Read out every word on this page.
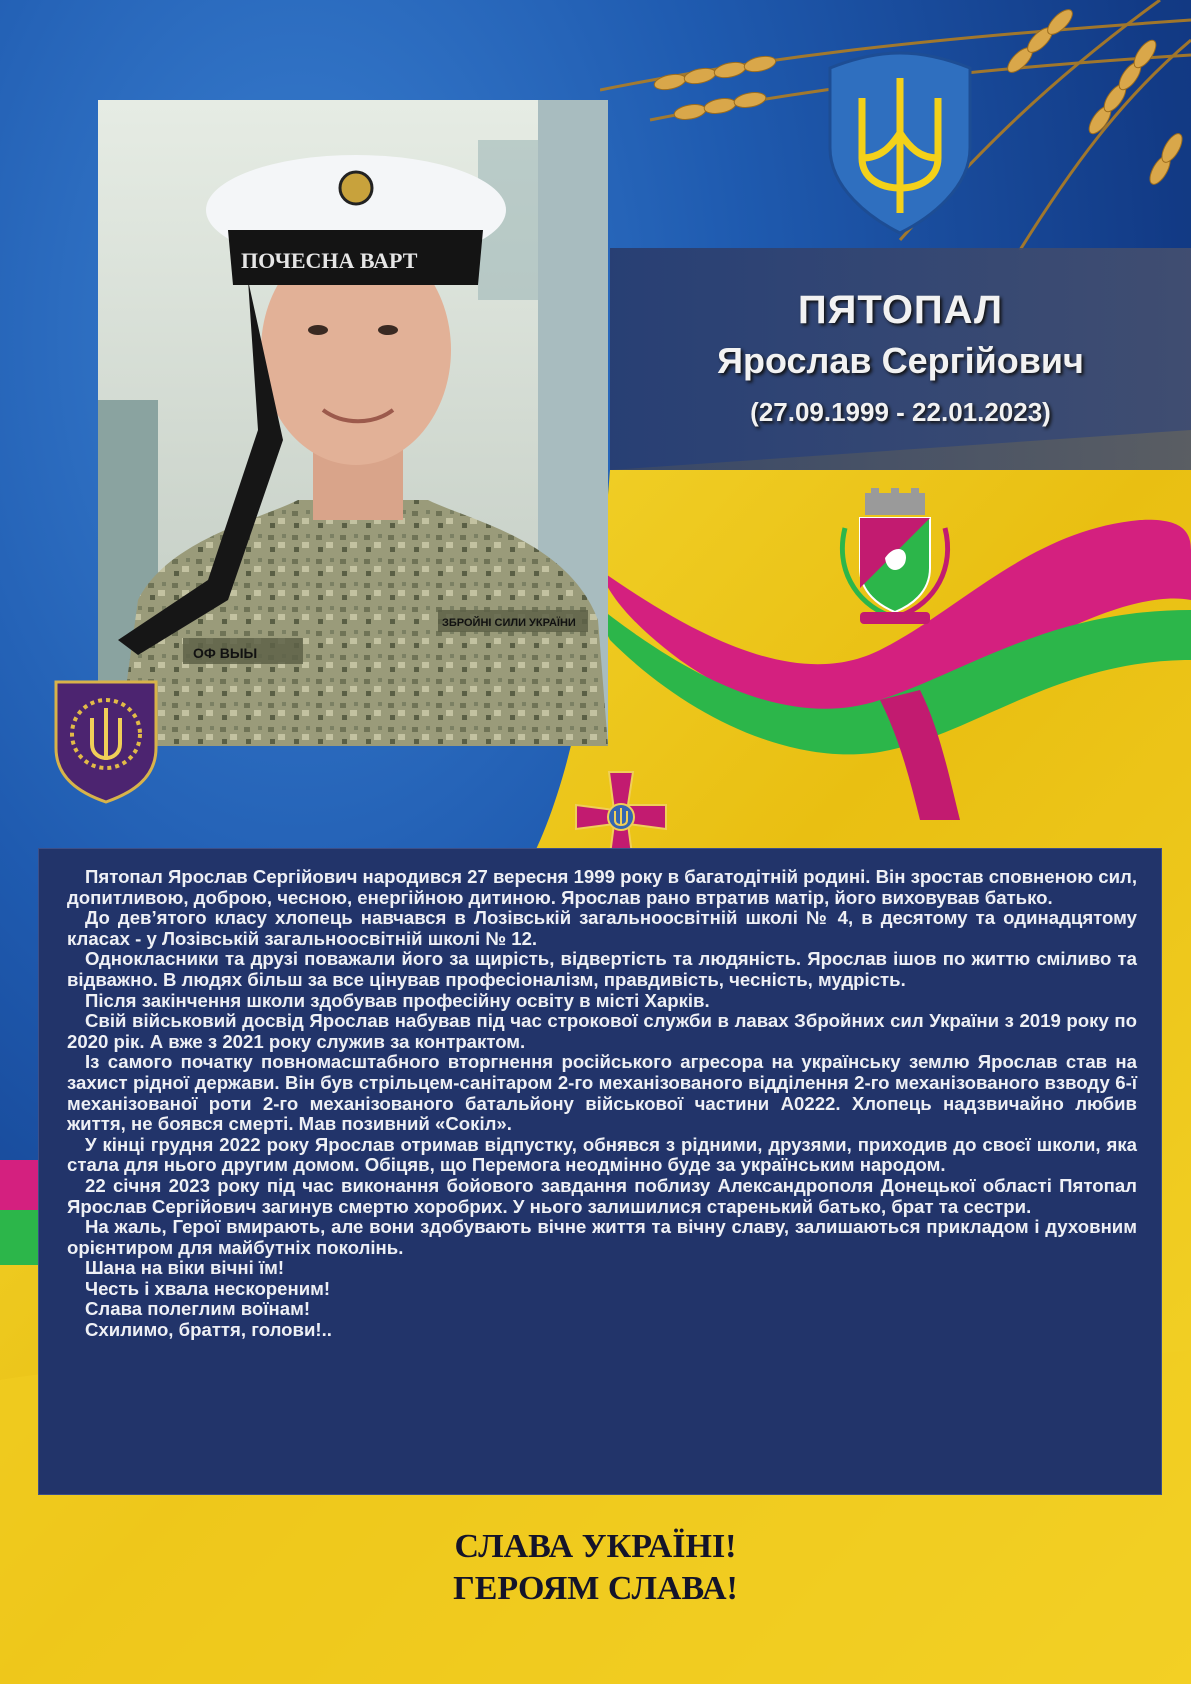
ПЯТОПАЛ
Ярослав Сергійович
(27.09.1999 - 22.01.2023)
ПОЧЕСНА ВАРТ
ОФ ВЫЫ
ЗБРОЙНІ СИЛИ УКРАЇНИ

Пятопал Ярослав Сергійович народився 27 вересня 1999 року в багатодітній родині. Він зростав сповненою сил, допитливою, доброю, чесною, енергійною дитиною. Ярослав рано втратив матір, його виховував батько.

До дев’ятого класу хлопець навчався в Лозівській загальноосвітній школі № 4, в десятому та одинадцятому класах - у Лозівській загальноосвітній школі № 12.

Однокласники та друзі поважали його за щирість, відвертість та людяність. Ярослав ішов по життю сміливо та відважно. В людях більш за все цінував професіоналізм, правдивість, чесність, мудрість.

Після закінчення школи здобував професійну освіту в місті Харків.

Свій військовий досвід Ярослав набував під час строкової служби в лавах Збройних сил України з 2019 року по 2020 рік. А вже з 2021 року служив за контрактом.

Із самого початку повномасштабного вторгнення російського агресора на українську землю Ярослав став на захист рідної держави. Він був стрільцем-санітаром 2-го механізованого відділення 2-го механізованого взводу 6-ї механізованої роти 2-го механізованого батальйону військової частини А0222. Хлопець надзвичайно любив життя, не боявся смерті. Мав позивний «Сокіл».

У кінці грудня 2022 року Ярослав отримав відпустку, обнявся з рідними, друзями, приходив до своєї школи, яка стала для нього другим домом. Обіцяв, що Перемога неодмінно буде за українським народом.

22 січня 2023 року під час виконання бойового завдання поблизу Александрополя Донецької області Пятопал Ярослав Сергійович загинув смертю хоробрих. У нього залишилися старенький батько, брат та сестри.

На жаль, Герої вмирають, але вони здобувають вічне життя та вічну славу, залишаються прикладом і духовним орієнтиром для майбутніх поколінь.

Шана на віки вічні їм!

Честь і хвала нескореним!

Слава полеглим воїнам!

Схилимо, браття, голови!..

СЛАВА УКРАЇНІ!
ГЕРОЯМ СЛАВА!
